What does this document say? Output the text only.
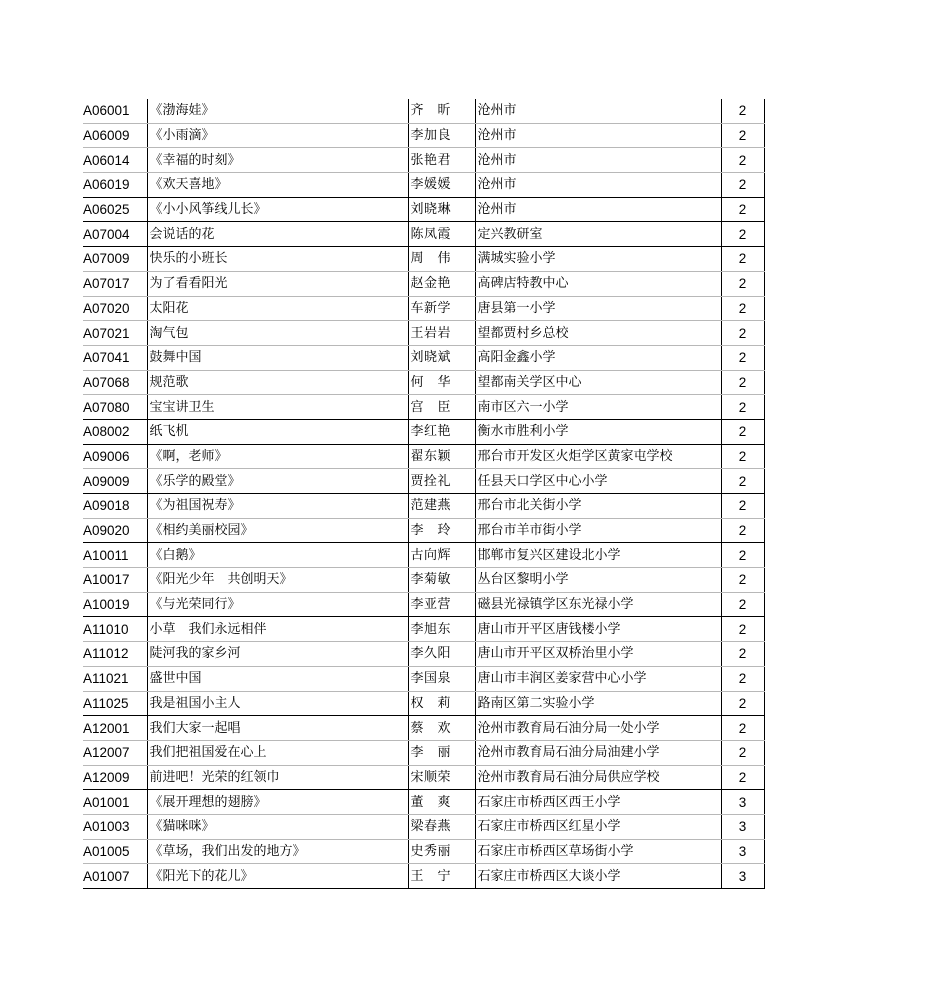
A06001	《渤海娃》	齐　昕	沧州市	2
A06009	《小雨滴》	李加良	沧州市	2
A06014	《幸福的时刻》	张艳君	沧州市	2
A06019	《欢天喜地》	李媛媛	沧州市	2
A06025	《小小风筝线儿长》	刘晓琳	沧州市	2
A07004	会说话的花	陈凤霞	定兴教研室	2
A07009	快乐的小班长	周　伟	满城实验小学	2
A07017	为了看看阳光	赵金艳	高碑店特教中心	2
A07020	太阳花	车新学	唐县第一小学	2
A07021	淘气包	王岩岩	望都贾村乡总校	2
A07041	鼓舞中国	刘晓斌	高阳金鑫小学	2
A07068	规范歌	何　华	望都南关学区中心	2
A07080	宝宝讲卫生	宫　臣	南市区六一小学	2
A08002	纸飞机	李红艳	衡水市胜利小学	2
A09006	《啊，老师》	翟东颖	邢台市开发区火炬学区黄家屯学校	2
A09009	《乐学的殿堂》	贾拴礼	任县天口学区中心小学	2
A09018	《为祖国祝寿》	范建燕	邢台市北关街小学	2
A09020	《相约美丽校园》	李　玲	邢台市羊市街小学	2
A10011	《白鹅》	古向辉	邯郸市复兴区建设北小学	2
A10017	《阳光少年　共创明天》	李菊敏	丛台区黎明小学	2
A10019	《与光荣同行》	李亚营	磁县光禄镇学区东光禄小学	2
A11010	小草　我们永远相伴	李旭东	唐山市开平区唐钱楼小学	2
A11012	陡河我的家乡河	李久阳	唐山市开平区双桥治里小学	2
A11021	盛世中国	李国泉	唐山市丰润区姜家营中心小学	2
A11025	我是祖国小主人	权　莉	路南区第二实验小学	2
A12001	我们大家一起唱	蔡　欢	沧州市教育局石油分局一处小学	2
A12007	我们把祖国爱在心上	李　丽	沧州市教育局石油分局油建小学	2
A12009	前进吧！光荣的红领巾	宋顺荣	沧州市教育局石油分局供应学校	2
A01001	《展开理想的翅膀》	董　爽	石家庄市桥西区西王小学	3
A01003	《猫咪咪》	梁春燕	石家庄市桥西区红星小学	3
A01005	《草场，我们出发的地方》	史秀丽	石家庄市桥西区草场街小学	3
A01007	《阳光下的花儿》	王　宁	石家庄市桥西区大谈小学	3
